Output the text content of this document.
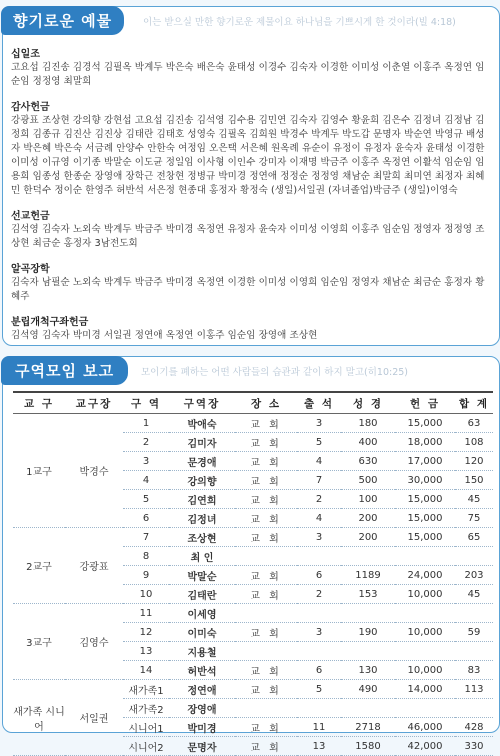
향기로운 예물	이는 받으실 만한 향기로운 제물이요 하나님을 기쁘시게 한 것이라(빌 4:18)
십일조
고요섭 김진송 김경석 김필옥 박계두 박은숙 배은숙 윤태성 이경수 김숙자 이경한 이미성 이춘열 이홍주 옥정연 임순임 정정영 최말희
감사헌금
강광표 조상현 강의향 강현섭 고요섭 김진송 김석영 김수용 김민연 김숙자 김영수 황윤희 김은수 김정녀 김정남 김정희 김종규 김진산 김진상 김태란 김태호 성영숙 김필옥 김희원 박경수 박계두 박도갑 문명자 박순연 박영규 배성자 박은혜 박은숙 서금례 안양수 안한숙 여정임 오은택 서은혜 원옥례 유순이 유정이 유정자 윤숙자 윤태성 이경한 이미성 이규영 이기종 박말순 이도균 정일임 이사형 이인수 강미자 이재명 박금주 이홍주 옥정연 이활석 임순임 임용희 임종성 한종순 장영애 장학근 전창현 정병규 박미경 정연애 정정순 정정영 채남순 최말희 최미연 최정자 최혜민 한덕수 정이순 한영주 허반석 서은정 현종대 홍정자 황정숙 (생일)서일권 (자녀졸업)박금주 (생일)이영숙
선교헌금
김석영 김숙자 노외숙 박계두 박금주 박미경 옥정연 유정자 윤숙자 이미성 이영희 이홍주 임순임 정영자 정정영 조상현 최금순 홍정자 3남전도회
알곡장학
김숙자 남필순 노외숙 박계두 박금주 박미경 옥정연 이경한 이미성 이영희 임순임 정영자 채남순 최금순 홍정자 황혜주
분립개척구좌헌금
김석영 김숙자 박미경 서일권 정연애 옥정연 이홍주 임순임 장영애 조상현
구역모임 보고	모이기를 폐하는 어떤 사람들의 습관과 같이 하지 말고(히10:25)
교 구	교구장	구 역	구역장	장 소	출 석	성 경	헌 금	합 계
1교구	박경수	1	박애숙	교 회	3	180	15,000	63
		2	김미자	교 회	5	400	18,000	108
		3	문경애	교 회	4	630	17,000	120
		4	강의향	교 회	7	500	30,000	150
		5	김연희	교 회	2	100	15,000	45
		6	김정녀	교 회	4	200	15,000	75
2교구	강광표	7	조상현	교 회	3	200	15,000	65
		8	최 인					
		9	박말순	교 회	6	1189	24,000	203
		10	김태란	교 회	2	153	10,000	45
3교구	김영수	11	이세영					
		12	이미숙	교 회	3	190	10,000	59
		13	지용철					
		14	허반석	교 회	6	130	10,000	83
새가족 시니어	서일권	새가족1	정연애	교 회	5	490	14,000	113
		새가족2	장영애					
		시니어1	박미경	교 회	11	2718	46,000	428
		시니어2	문명자	교 회	13	1580	42,000	330
